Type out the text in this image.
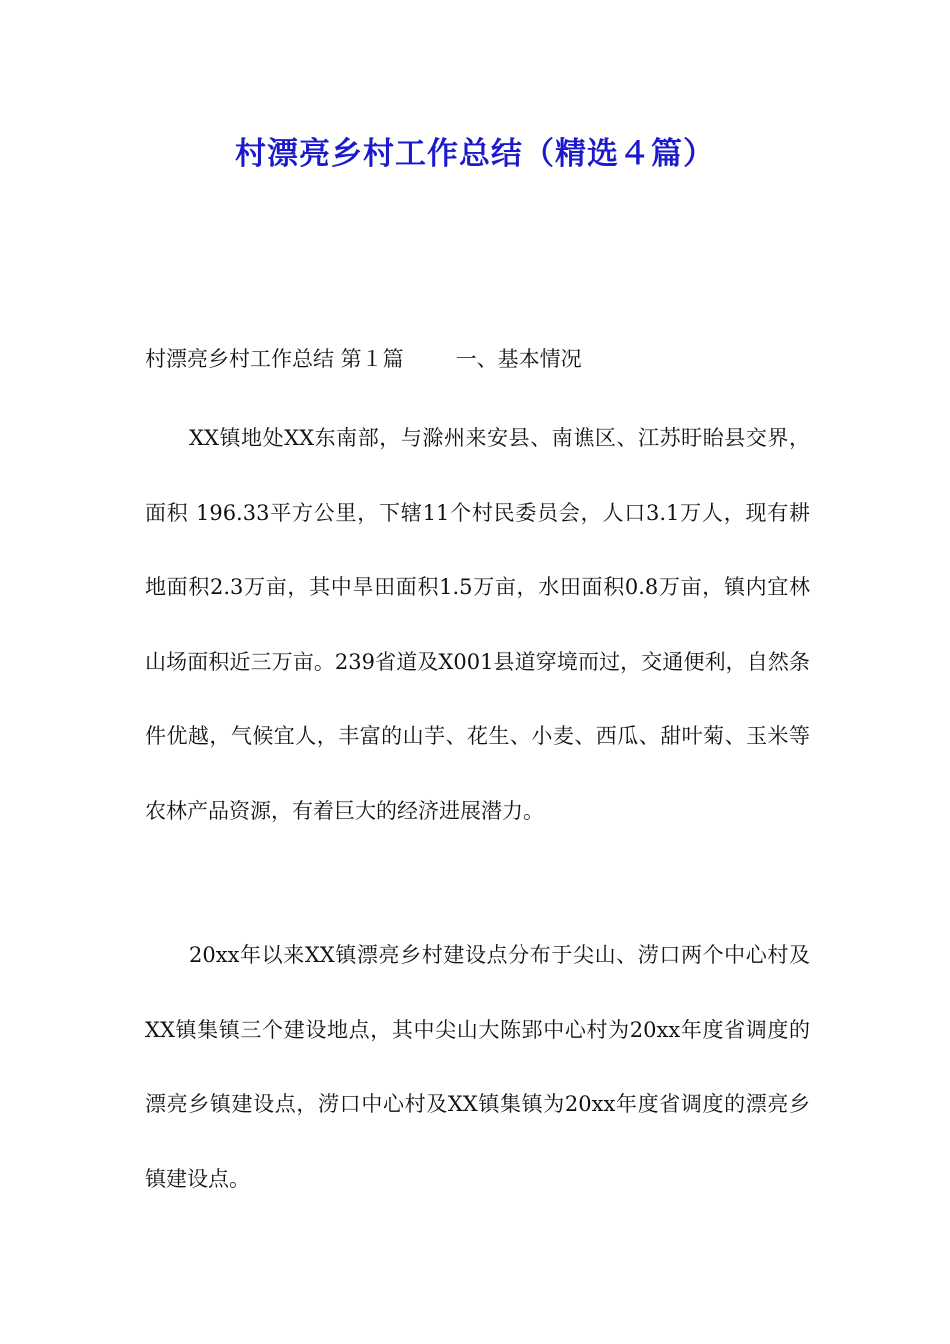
村漂亮乡村工作总结（精选４篇）
村漂亮乡村工作总结 第１篇 一、基本情况

XX镇地处XX东南部，与滁州来安县、南谯区、江苏盱眙县交界，面积 196.33平方公里，下辖11个村民委员会，人口3.1万人，现有耕地面积2.3万亩，其中旱田面积1.5万亩，水田面积0.8万亩，镇内宜林山场面积近三万亩。239省道及X001县道穿境而过，交通便利，自然条件优越，气候宜人，丰富的山芋、花生、小麦、西瓜、甜叶菊、玉米等农林产品资源，有着巨大的经济进展潜力。

20xx年以来XX镇漂亮乡村建设点分布于尖山、涝口两个中心村及XX镇集镇三个建设地点，其中尖山大陈郢中心村为20xx年度省调度的漂亮乡镇建设点，涝口中心村及XX镇集镇为20xx年度省调度的漂亮乡镇建设点。
